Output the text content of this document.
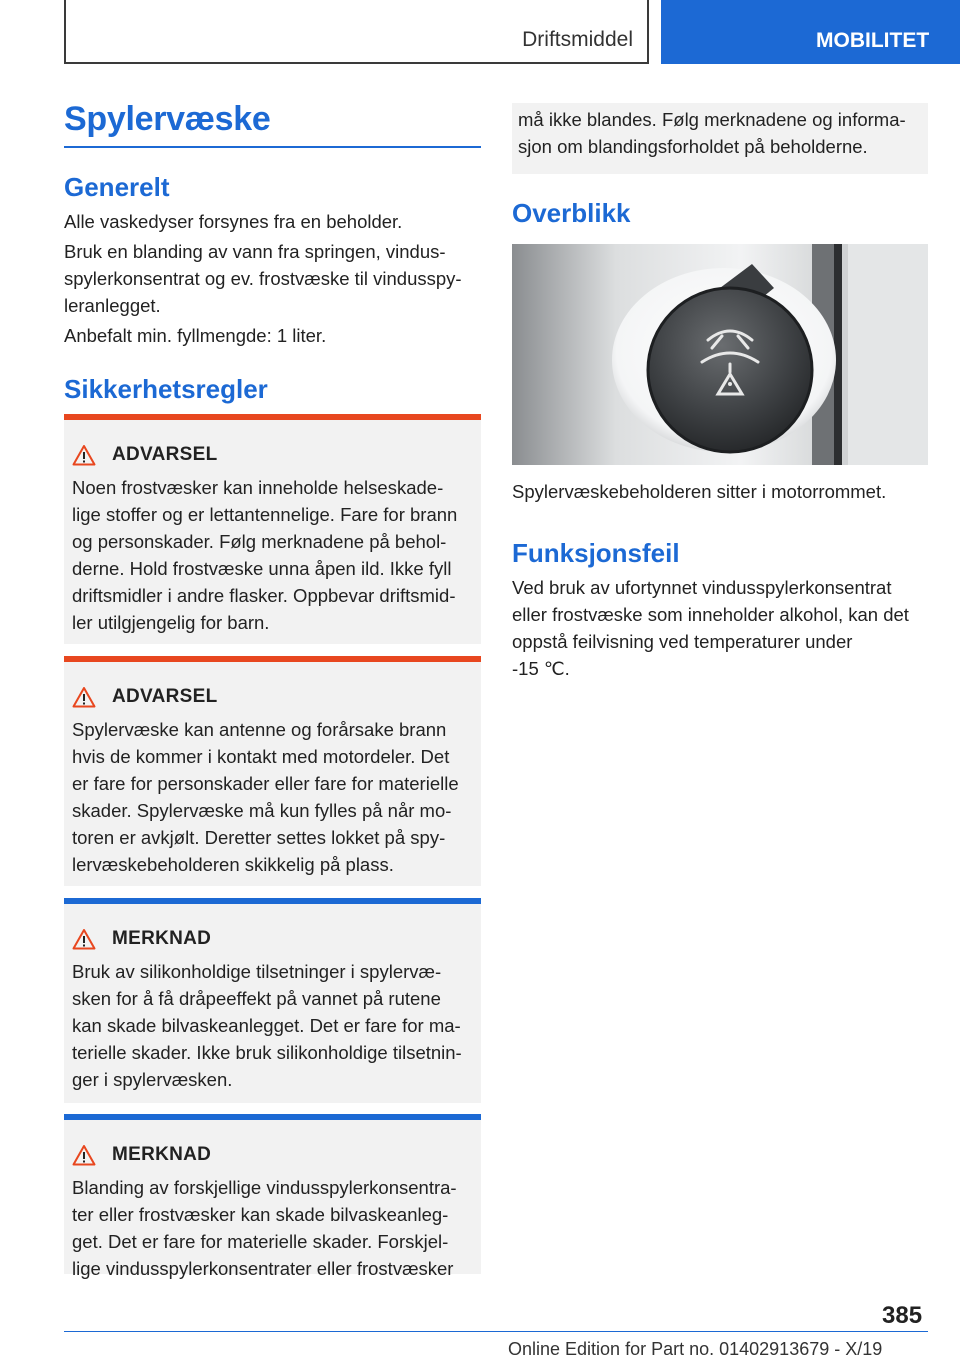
Driftsmiddel	MOBILITET
Spylervæske
Generelt

Alle vaskedyser forsynes fra en beholder.

Bruk en blanding av vann fra springen, vindus-
spylerkonsentrat og ev. frostvæske til vindusspy-
leranlegget.

Anbefalt min. fyllmengde: 1 liter.

Sikkerhetsregler
ADVARSEL
Noen frostvæsker kan inneholde helseskade-
lige stoffer og er lettantennelige. Fare for brann
og personskader. Følg merknadene på behol-
derne. Hold frostvæske unna åpen ild. Ikke fyll
driftsmidler i andre flasker. Oppbevar driftsmid-
ler utilgjengelig for barn.
ADVARSEL
Spylervæske kan antenne og forårsake brann
hvis de kommer i kontakt med motordeler. Det
er fare for personskader eller fare for materielle
skader. Spylervæske må kun fylles på når mo-
toren er avkjølt. Deretter settes lokket på spy-
lervæskebeholderen skikkelig på plass.
MERKNAD
Bruk av silikonholdige tilsetninger i spylervæ-
sken for å få dråpeeffekt på vannet på rutene
kan skade bilvaskeanlegget. Det er fare for ma-
terielle skader. Ikke bruk silikonholdige tilsetnin-
ger i spylervæsken.
MERKNAD
Blanding av forskjellige vindusspylerkonsentra-
ter eller frostvæsker kan skade bilvaskeanleg-
get. Det er fare for materielle skader. Forskjel-
lige vindusspylerkonsentrater eller frostvæsker
må ikke blandes. Følg merknadene og informa-
sjon om blandingsforholdet på beholderne.
Overblikk

Spylervæskebeholderen sitter i motorrommet.

Funksjonsfeil

Ved bruk av ufortynnet vindusspylerkonsentrat
eller frostvæske som inneholder alkohol, kan det
oppstå feilvisning ved temperaturer under
-15 ℃.

385
Online Edition for Part no. 01402913679 - X/19
